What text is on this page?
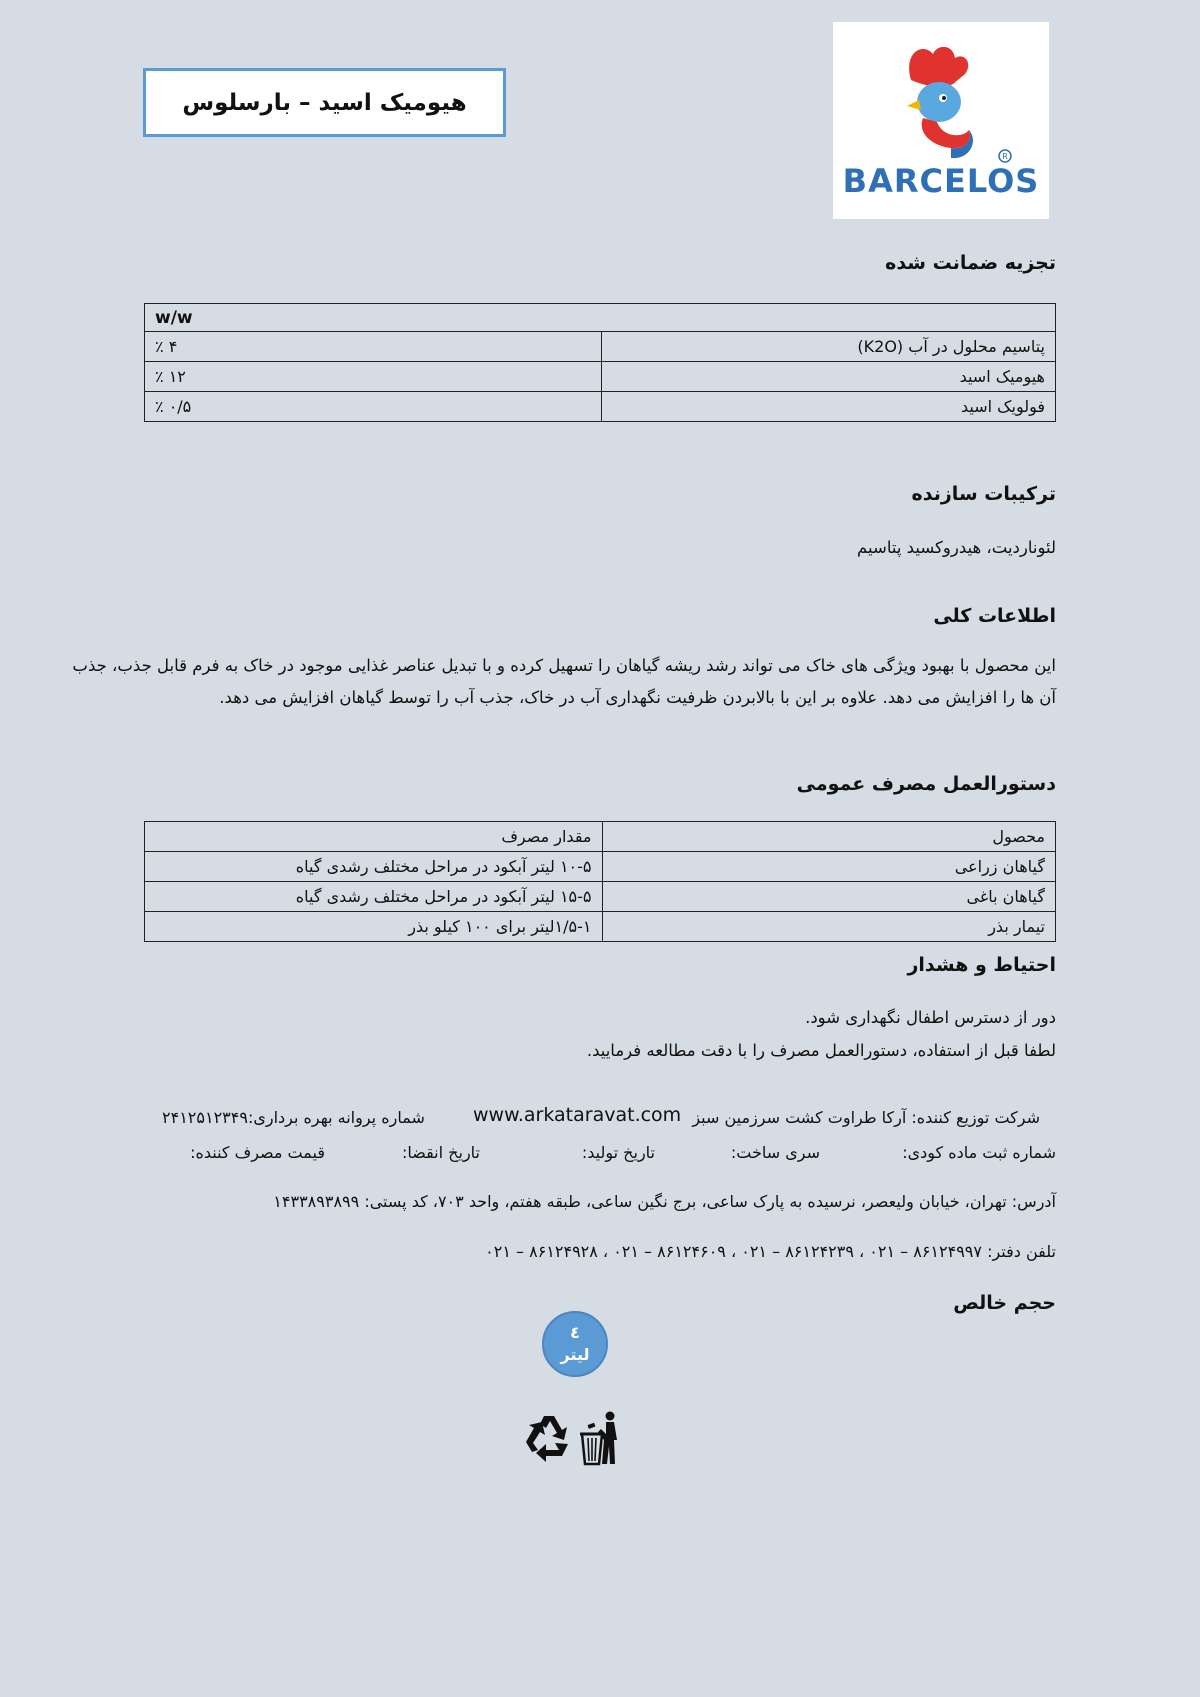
R
BARCELOS
هیومیک اسید – بارسلوس
تجزیه ضمانت شده
w/w	
۴ ٪	پتاسیم محلول در آب (K2O)
۱۲ ٪	هیومیک اسید
۰/۵ ٪	فولویک اسید
ترکیبات سازنده
لئوناردیت، هیدروکسید پتاسیم
اطلاعات کلی
این محصول با بهبود ویژگی های خاک می تواند رشد ریشه گیاهان را تسهیل کرده و با تبدیل عناصر غذایی موجود در خاک به فرم قابل جذب، جذب
آن ها را افزایش می دهد. علاوه بر این با بالابردن ظرفیت نگهداری آب در خاک، جذب آب را توسط گیاهان افزایش می دهد.
دستورالعمل مصرف عمومی
مقدار مصرف	محصول
۱۰-۵ لیتر آبکود در مراحل مختلف رشدی گیاه	گیاهان زراعی
۱۵-۵ لیتر آبکود در مراحل مختلف رشدی گیاه	گیاهان باغی
۱/۵-۱لیتر برای ۱۰۰ کیلو بذر	تیمار بذر
احتیاط و هشدار
دور از دسترس اطفال نگهداری شود.
لطفا قبل از استفاده، دستورالعمل مصرف را با دقت مطالعه فرمایید.
شرکت توزیع کننده: آرکا طراوت کشت سرزمین سبز
www.arkataravat.com
شماره پروانه بهره برداری:۲۴۱۲۵۱۲۳۴۹
شماره ثبت ماده کودی:
سری ساخت:
تاریخ تولید:
تاریخ انقضا:
قیمت مصرف کننده:
آدرس: تهران، خیابان ولیعصر، نرسیده به پارک ساعی، برج نگین ساعی، طبقه هفتم، واحد ۷۰۳، کد پستی: ۱۴۳۳۸۹۳۸۹۹
تلفن دفتر: ۸۶۱۲۴۹۹۷ – ۰۲۱ ، ۸۶۱۲۴۲۳۹ – ۰۲۱ ، ۸۶۱۲۴۶۰۹ – ۰۲۱ ، ۸۶۱۲۴۹۲۸ – ۰۲۱
حجم خالص
٤
لیتر
